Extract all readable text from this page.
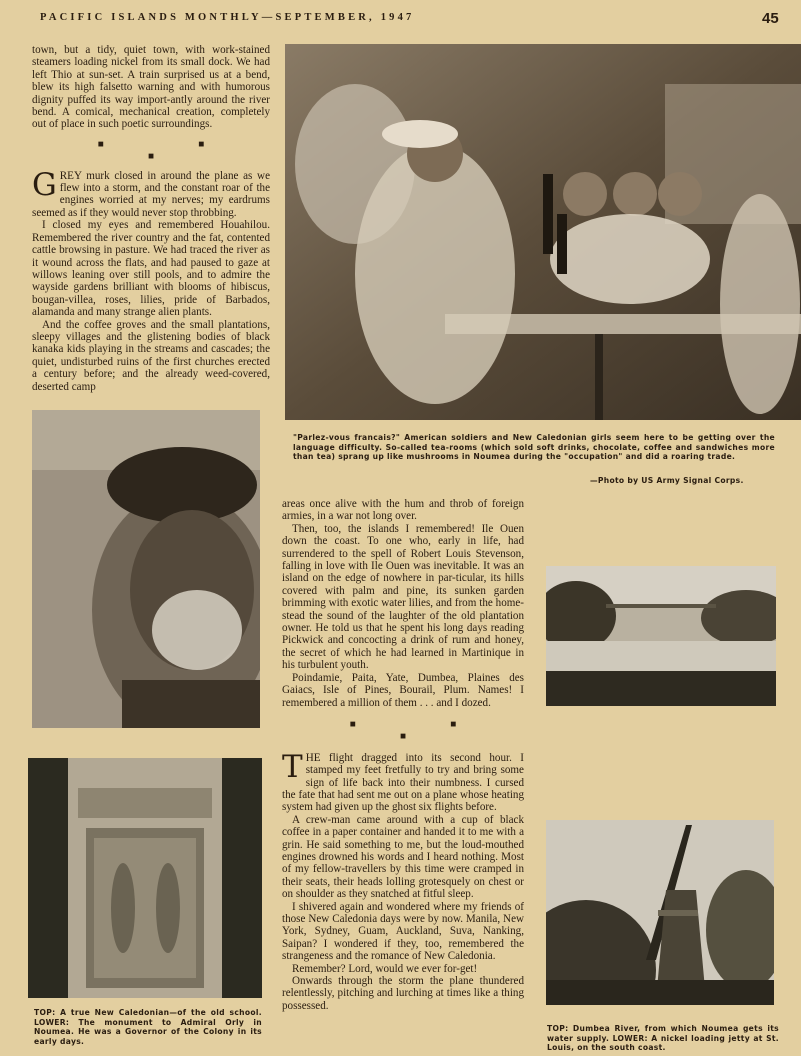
PACIFIC ISLANDS MONTHLY—SEPTEMBER, 1947	45

town, but a tidy, quiet town, with work-stained steamers loading nickel from its small dock. We had left Thio at sun-set. A train surprised us at a bend, blew its high falsetto warning and with humorous dignity puffed its way import-antly around the river bend. A comical, mechanical creation, completely out of place in such poetic surroundings.

■ ■ ■

GREY murk closed in around the plane as we flew into a storm, and the constant roar of the engines worried at my nerves; my eardrums seemed as if they would never stop throbbing.

I closed my eyes and remembered Houahilou. Remembered the river country and the fat, contented cattle browsing in pasture. We had traced the river as it wound across the flats, and had paused to gaze at willows leaning over still pools, and to admire the wayside gardens brilliant with blooms of hibiscus, bougan-villea, roses, lilies, pride of Barbados, alamanda and many strange alien plants.

And the coffee groves and the small plantations, sleepy villages and the glistening bodies of black kanaka kids playing in the streams and cascades; the quiet, undisturbed ruins of the first churches erected a century before; and the already weed-covered, deserted camp

"Parlez-vous francais?" American soldiers and New Caledonian girls seem here to be getting over the language difficulty. So-called tea-rooms (which sold soft drinks, chocolate, coffee and sandwiches more than tea) sprang up like mushrooms in Noumea during the "occupation" and did a roaring trade.
—Photo by US Army Signal Corps.
TOP: A true New Caledonian—of the old school. LOWER: The monument to Admiral Orly in Noumea. He was a Governor of the Colony in its early days.

areas once alive with the hum and throb of foreign armies, in a war not long over.

Then, too, the islands I remembered! Ile Ouen down the coast. To one who, early in life, had surrendered to the spell of Robert Louis Stevenson, falling in love with Ile Ouen was inevitable. It was an island on the edge of nowhere in par-ticular, its hills covered with palm and pine, its sunken garden brimming with exotic water lilies, and from the home-stead the sound of the laughter of the old plantation owner. He told us that he spent his long days reading Pickwick and concocting a drink of rum and honey, the secret of which he had learned in Martinique in his turbulent youth.

Poindamie, Paita, Yate, Dumbea, Plaines des Gaiacs, Isle of Pines, Bourail, Plum. Names! I remembered a million of them . . . and I dozed.

■ ■ ■

THE flight dragged into its second hour. I stamped my feet fretfully to try and bring some sign of life back into their numbness. I cursed the fate that had sent me out on a plane whose heating system had given up the ghost six flights before.

A crew-man came around with a cup of black coffee in a paper container and handed it to me with a grin. He said something to me, but the loud-mouthed engines drowned his words and I heard nothing. Most of my fellow-travellers by this time were cramped in their seats, their heads lolling grotesquely on chest or on shoulder as they snatched at fitful sleep.

I shivered again and wondered where my friends of those New Caledonia days were by now. Manila, New York, Sydney, Guam, Auckland, Suva, Nanking, Saipan? I wondered if they, too, remembered the strangeness and the romance of New Caledonia.

Remember? Lord, would we ever for-get!

Onwards through the storm the plane thundered relentlessly, pitching and lurching at times like a thing possessed.

TOP: Dumbea River, from which Noumea gets its water supply. LOWER: A nickel loading jetty at St. Louis, on the south coast.
